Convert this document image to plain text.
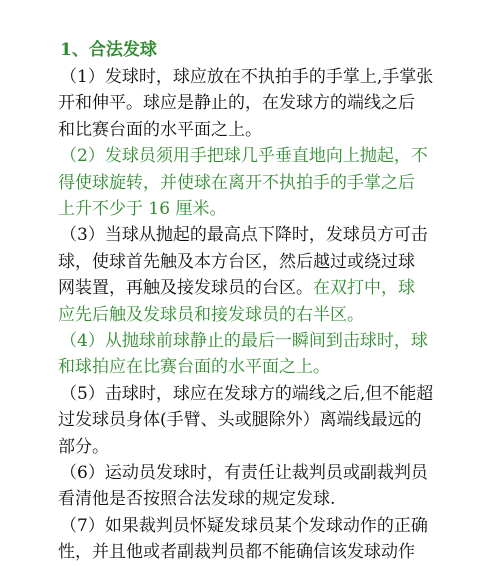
1、合法发球
（1）发球时，球应放在不执拍手的手掌上,手掌张
开和伸平。球应是静止的，在发球方的端线之后
和比赛台面的水平面之上。
（2）发球员须用手把球几乎垂直地向上抛起，不
得使球旋转，并使球在离开不执拍手的手掌之后
上升不少于 16 厘米。
（3）当球从抛起的最高点下降时，发球员方可击
球，使球首先触及本方台区，然后越过或绕过球
网装置，再触及接发球员的台区。在双打中，球
应先后触及发球员和接发球员的右半区。
（4）从抛球前球静止的最后一瞬间到击球时，球
和球拍应在比赛台面的水平面之上。
（5）击球时，球应在发球方的端线之后,但不能超
过发球员身体(手臂、头或腿除外）离端线最远的
部分。
（6）运动员发球时，有责任让裁判员或副裁判员
看清他是否按照合法发球的规定发球.
（7）如果裁判员怀疑发球员某个发球动作的正确
性，并且他或者副裁判员都不能确信该发球动作
